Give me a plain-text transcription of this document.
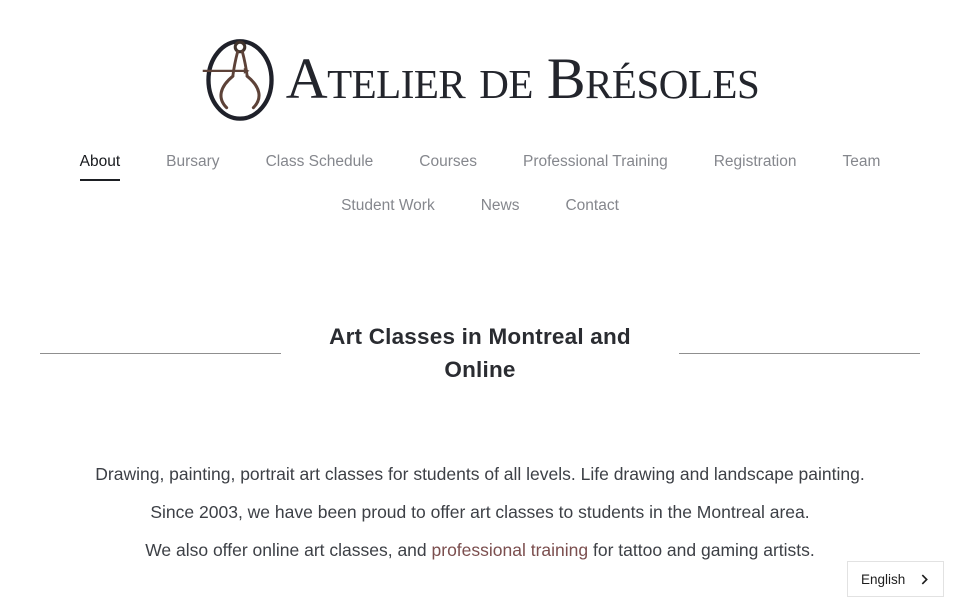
Atelier de Brésoles
About	Bursary	Class Schedule	Courses	Professional Training	Registration	Team
Student Work	News	Contact
Art Classes in Montreal and
Online

Drawing, painting, portrait art classes for students of all levels. Life drawing and landscape painting.

Since 2003, we have been proud to offer art classes to students in the Montreal area.

We also offer online art classes, and professional training for tattoo and gaming artists.

English
